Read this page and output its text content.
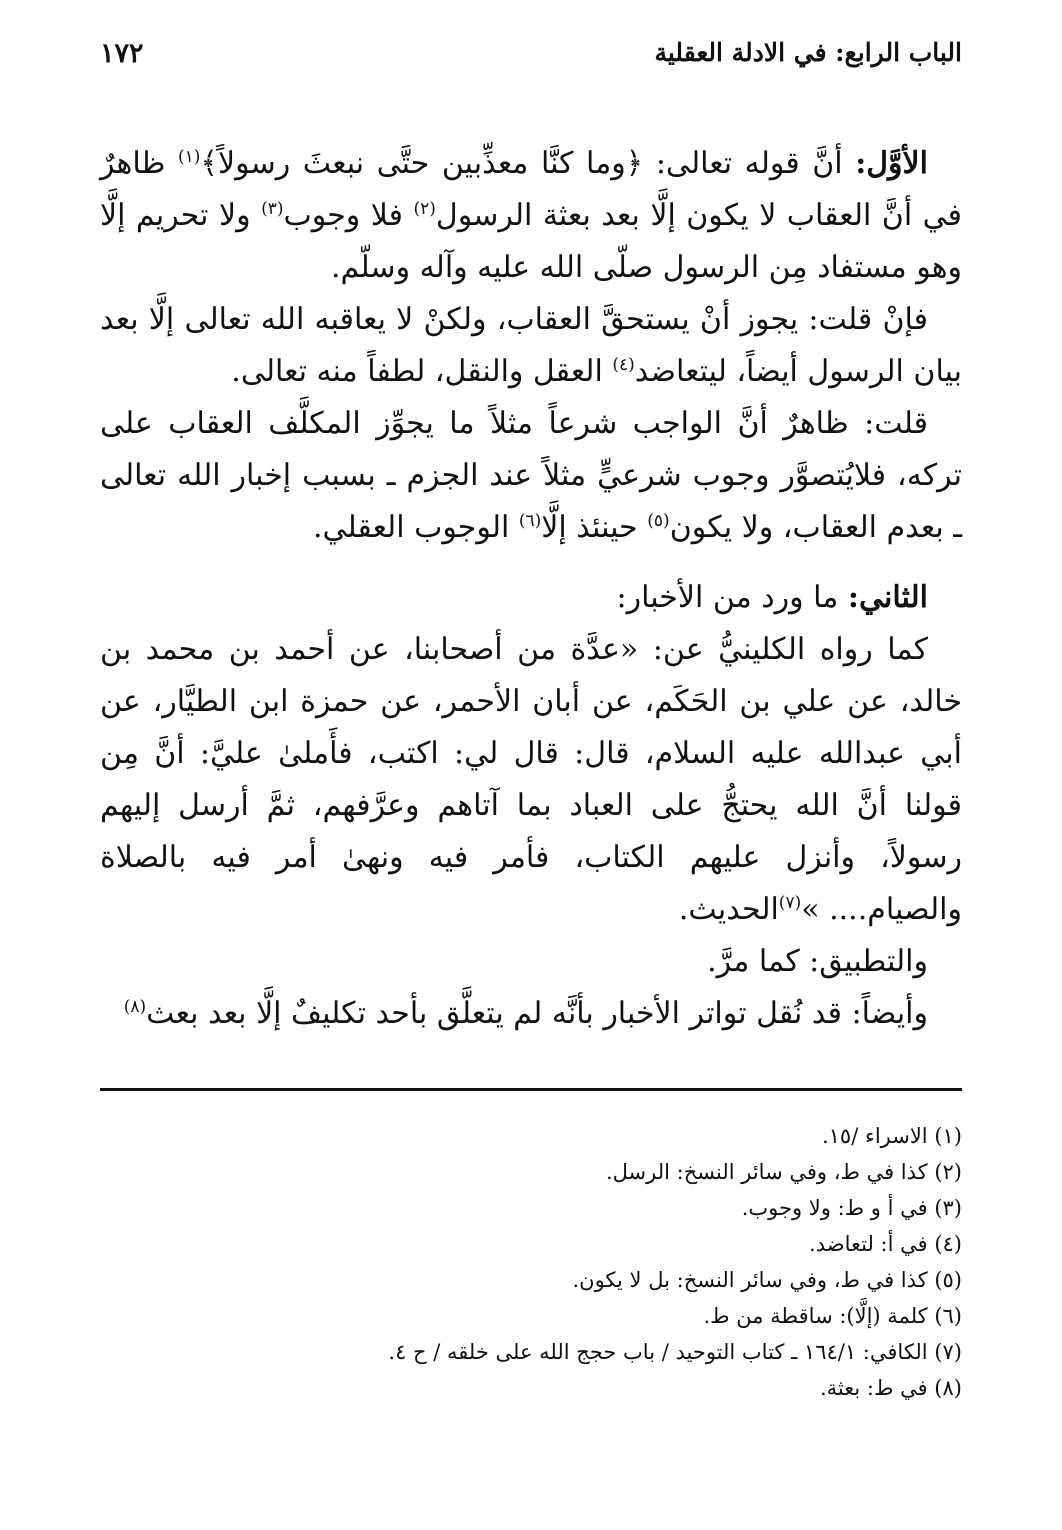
الباب الرابع: في الادلة العقلية
١٧٢

الأوَّل: أنَّ قوله تعالى: ﴿وما كنَّا معذِّبين حتَّى نبعثَ رسولاً﴾$^{(١)}$ ظاهرٌ في أنَّ العقاب لا يكون إلَّا بعد بعثة الرسول$^{(٢)}$ فلا وجوب$^{(٣)}$ ولا تحريم إلَّا وهو مستفاد مِن الرسول صلّى الله عليه وآله وسلّم.

فإنْ قلت: يجوز أنْ يستحقَّ العقاب، ولكنْ لا يعاقبه الله تعالى إلَّا بعد بيان الرسول أيضاً، ليتعاضد$^{(٤)}$ العقل والنقل، لطفاً منه تعالى.

قلت: ظاهرٌ أنَّ الواجب شرعاً مثلاً ما يجوِّز المكلَّف العقاب على تركه، فلايُتصوَّر وجوب شرعيٍّ مثلاً عند الجزم ـ بسبب إخبار الله تعالى ـ بعدم العقاب، ولا يكون$^{(٥)}$ حينئذ إلَّا$^{(٦)}$ الوجوب العقلي.

الثاني: ما ورد من الأخبار:

كما رواه الكلينيُّ عن: «عدَّة من أصحابنا، عن أحمد بن محمد بن خالد، عن علي بن الحَكَم، عن أبان الأحمر، عن حمزة ابن الطيَّار، عن أبي عبدالله عليه السلام، قال: قال لي: اكتب، فأَملىٰ عليَّ: أنَّ مِن قولنا أنَّ الله يحتجُّ على العباد بما آتاهم وعرَّفهم، ثمَّ أرسل إليهم رسولاً، وأنزل عليهم الكتاب، فأمر فيه ونهىٰ أمر فيه بالصلاة والصيام.... »$^{(٧)}$الحديث.

والتطبيق: كما مرَّ.

وأيضاً: قد نُقل تواتر الأخبار بأنَّه لم يتعلَّق بأحد تكليفٌ إلَّا بعد بعث$^{(٨)}$

(١) الاسراء /١٥.

(٢) كذا في ط، وفي سائر النسخ: الرسل.

(٣) في أ و ط: ولا وجوب.

(٤) في أ: لتعاضد.

(٥) كذا في ط، وفي سائر النسخ: بل لا يكون.

(٦) كلمة (إلَّا): ساقطة من ط.

(٧) الكافي: ١٦٤/١ ـ كتاب التوحيد / باب حجج الله على خلقه / ح ٤.

(٨) في ط: بعثة.
